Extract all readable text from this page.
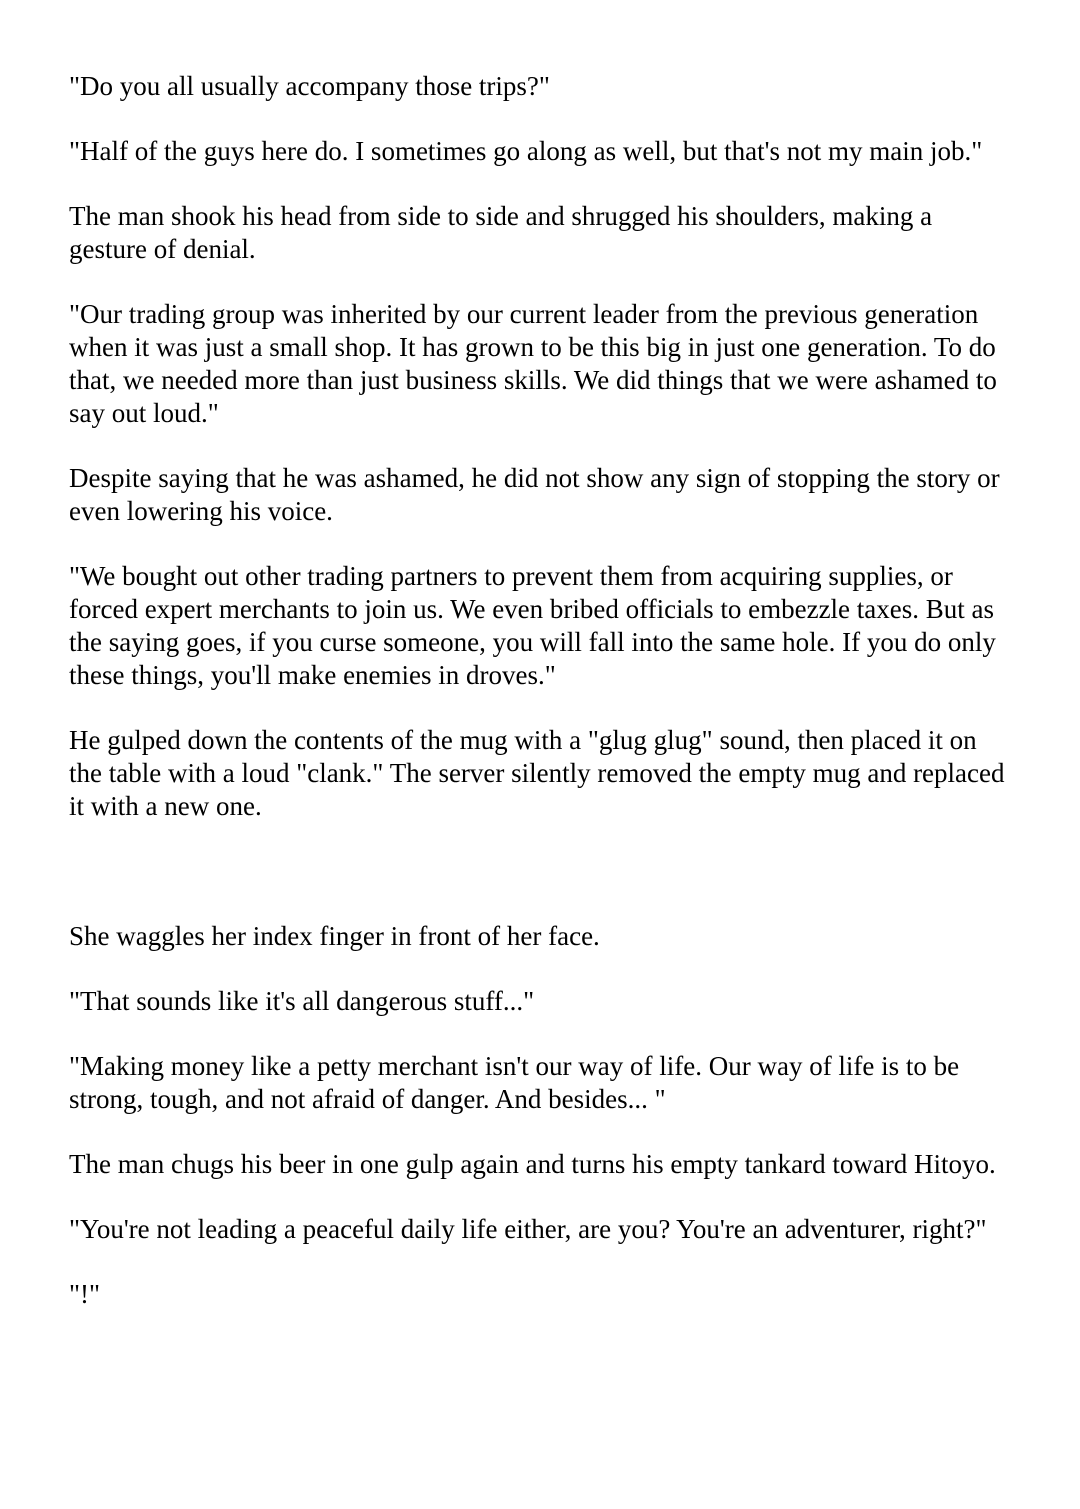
"Do you all usually accompany those trips?"

"Half of the guys here do. I sometimes go along as well, but that's not my main job."

The man shook his head from side to side and shrugged his shoulders, making a gesture of denial.

"Our trading group was inherited by our current leader from the previous generation when it was just a small shop. It has grown to be this big in just one generation. To do that, we needed more than just business skills. We did things that we were ashamed to say out loud."

Despite saying that he was ashamed, he did not show any sign of stopping the story or even lowering his voice.

"We bought out other trading partners to prevent them from acquiring supplies, or forced expert merchants to join us. We even bribed officials to embezzle taxes. But as the saying goes, if you curse someone, you will fall into the same hole. If you do only these things, you'll make enemies in droves."

He gulped down the contents of the mug with a "glug glug" sound, then placed it on the table with a loud "clank." The server silently removed the empty mug and replaced it with a new one.

She waggles her index finger in front of her face.

"That sounds like it's all dangerous stuff..."

"Making money like a petty merchant isn't our way of life. Our way of life is to be strong, tough, and not afraid of danger. And besides... "

The man chugs his beer in one gulp again and turns his empty tankard toward Hitoyo.

"You're not leading a peaceful daily life either, are you? You're an adventurer, right?"

"!"
